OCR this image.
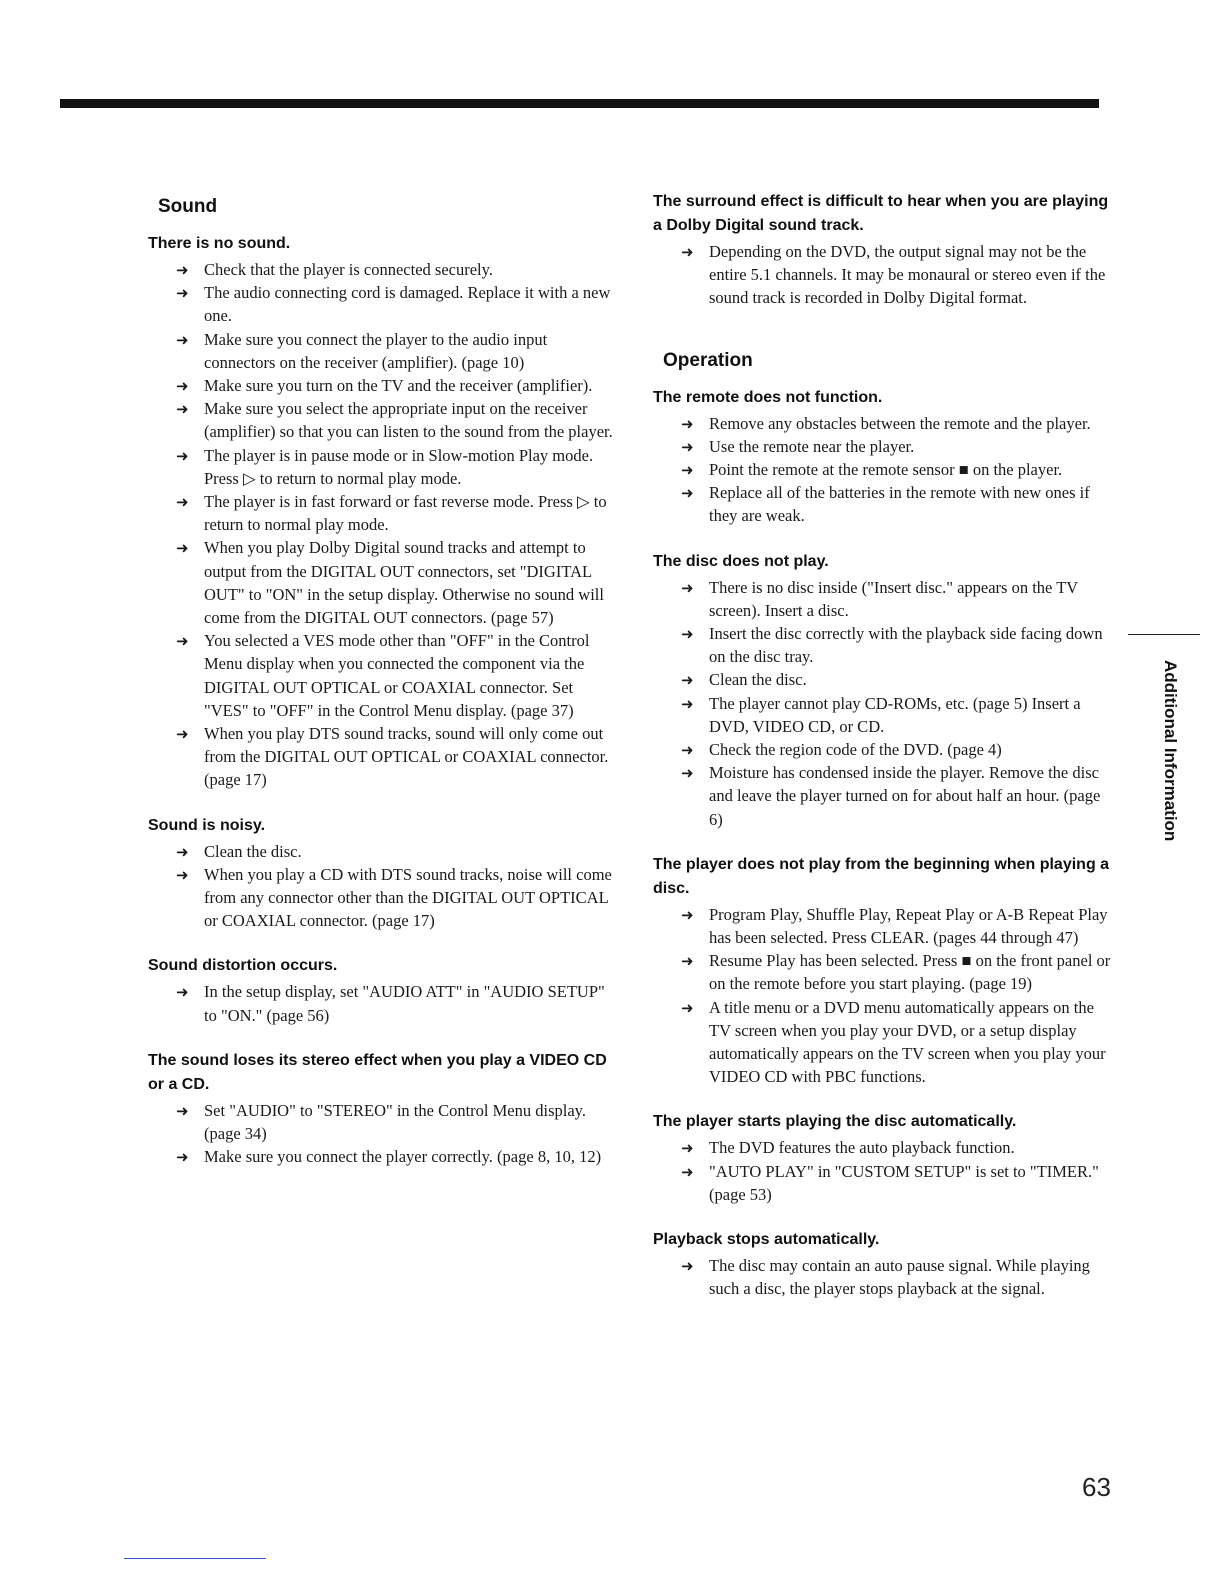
Sound
There is no sound.

➜ Check that the player is connected securely.

➜ The audio connecting cord is damaged. Replace it with a new one.

➜ Make sure you connect the player to the audio input connectors on the receiver (amplifier). (page 10)

➜ Make sure you turn on the TV and the receiver (amplifier).

➜ Make sure you select the appropriate input on the receiver (amplifier) so that you can listen to the sound from the player.

➜ The player is in pause mode or in Slow-motion Play mode. Press ▷ to return to normal play mode.

➜ The player is in fast forward or fast reverse mode. Press ▷ to return to normal play mode.

➜ When you play Dolby Digital sound tracks and attempt to output from the DIGITAL OUT connectors, set "DIGITAL OUT" to "ON" in the setup display. Otherwise no sound will come from the DIGITAL OUT connectors. (page 57)

➜ You selected a VES mode other than "OFF" in the Control Menu display when you connected the component via the DIGITAL OUT OPTICAL or COAXIAL connector. Set "VES" to "OFF" in the Control Menu display. (page 37)

➜ When you play DTS sound tracks, sound will only come out from the DIGITAL OUT OPTICAL or COAXIAL connector. (page 17)

Sound is noisy.

➜ Clean the disc.

➜ When you play a CD with DTS sound tracks, noise will come from any connector other than the DIGITAL OUT OPTICAL or COAXIAL connector. (page 17)

Sound distortion occurs.

➜ In the setup display, set "AUDIO ATT" in "AUDIO SETUP" to "ON." (page 56)

The sound loses its stereo effect when you play a VIDEO CD or a CD.

➜ Set "AUDIO" to "STEREO" in the Control Menu display. (page 34)

➜ Make sure you connect the player correctly. (page 8, 10, 12)

The surround effect is difficult to hear when you are playing a Dolby Digital sound track.

➜ Depending on the DVD, the output signal may not be the entire 5.1 channels. It may be monaural or stereo even if the sound track is recorded in Dolby Digital format.

Operation
The remote does not function.

➜ Remove any obstacles between the remote and the player.

➜ Use the remote near the player.

➜ Point the remote at the remote sensor ■ on the player.

➜ Replace all of the batteries in the remote with new ones if they are weak.

The disc does not play.

➜ There is no disc inside ("Insert disc." appears on the TV screen). Insert a disc.

➜ Insert the disc correctly with the playback side facing down on the disc tray.

➜ Clean the disc.

➜ The player cannot play CD-ROMs, etc. (page 5) Insert a DVD, VIDEO CD, or CD.

➜ Check the region code of the DVD. (page 4)

➜ Moisture has condensed inside the player. Remove the disc and leave the player turned on for about half an hour. (page 6)

The player does not play from the beginning when playing a disc.

➜ Program Play, Shuffle Play, Repeat Play or A-B Repeat Play has been selected. Press CLEAR. (pages 44 through 47)

➜ Resume Play has been selected. Press ■ on the front panel or on the remote before you start playing. (page 19)

➜ A title menu or a DVD menu automatically appears on the TV screen when you play your DVD, or a setup display automatically appears on the TV screen when you play your VIDEO CD with PBC functions.

The player starts playing the disc automatically.

➜ The DVD features the auto playback function.

➜ "AUTO PLAY" in "CUSTOM SETUP" is set to "TIMER." (page 53)

Playback stops automatically.

➜ The disc may contain an auto pause signal. While playing such a disc, the player stops playback at the signal.

Additional Information
63
